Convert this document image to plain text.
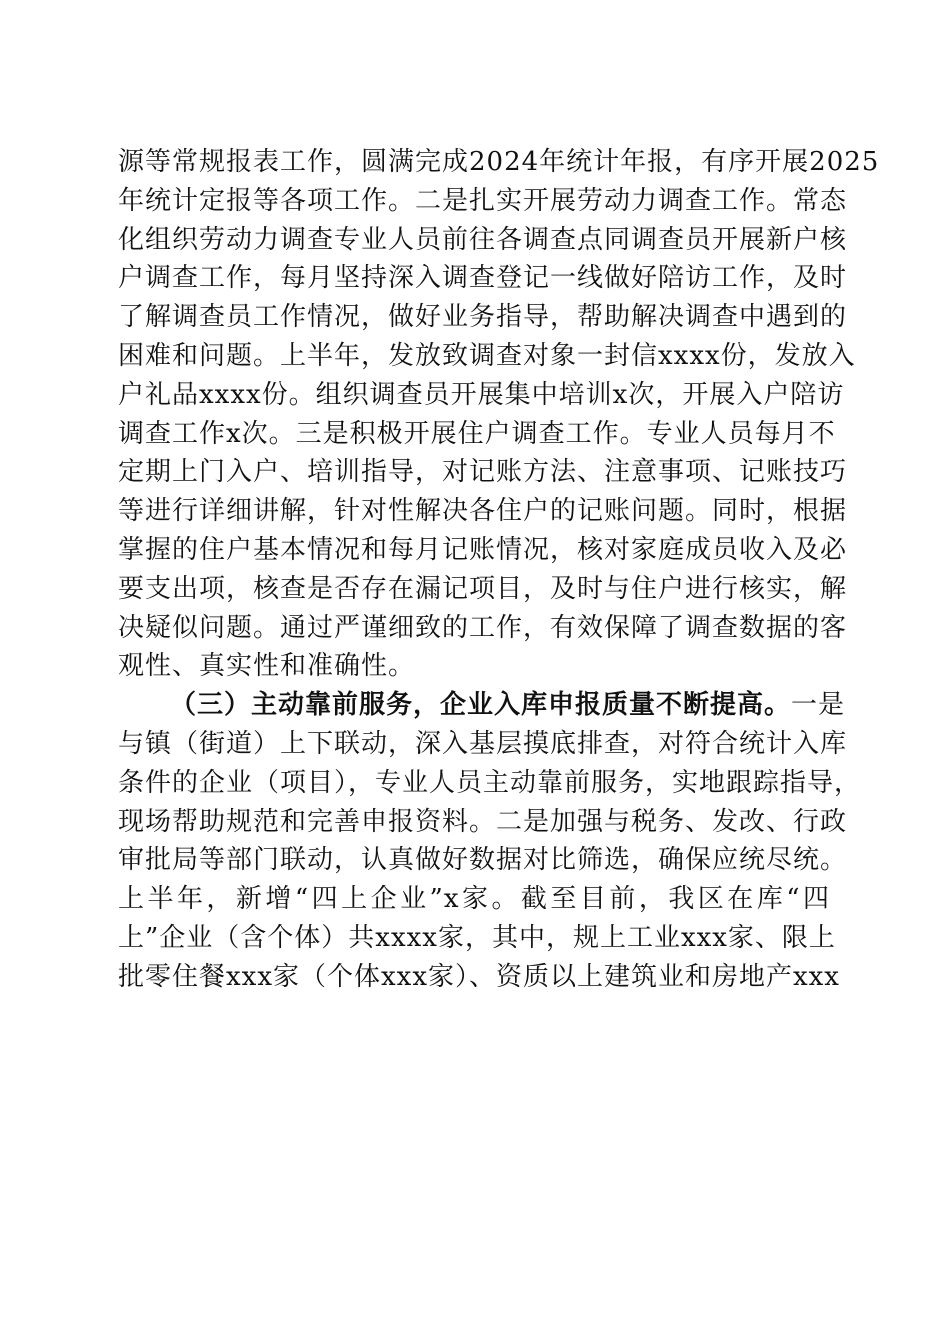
源等常规报表工作，圆满完成2024年统计年报，有序开展2025
年统计定报等各项工作。二是扎实开展劳动力调查工作。常态
化组织劳动力调查专业人员前往各调查点同调查员开展新户核
户调查工作，每月坚持深入调查登记一线做好陪访工作，及时
了解调查员工作情况，做好业务指导，帮助解决调查中遇到的
困难和问题。上半年，发放致调查对象一封信xxxx份，发放入
户礼品xxxx份。组织调查员开展集中培训x次，开展入户陪访
调查工作x次。三是积极开展住户调查工作。专业人员每月不
定期上门入户、培训指导，对记账方法、注意事项、记账技巧
等进行详细讲解，针对性解决各住户的记账问题。同时，根据
掌握的住户基本情况和每月记账情况，核对家庭成员收入及必
要支出项，核查是否存在漏记项目，及时与住户进行核实，解
决疑似问题。通过严谨细致的工作，有效保障了调查数据的客
观性、真实性和准确性。
（三）主动靠前服务，企业入库申报质量不断提高。一是
与镇（街道）上下联动，深入基层摸底排查，对符合统计入库
条件的企业（项目），专业人员主动靠前服务，实地跟踪指导，
现场帮助规范和完善申报资料。二是加强与税务、发改、行政
审批局等部门联动，认真做好数据对比筛选，确保应统尽统。
上半年，新增“四上企业”x家。截至目前，我区在库“四
上”企业（含个体）共xxxx家，其中，规上工业xxx家、限上
批零住餐xxx家（个体xxx家）、资质以上建筑业和房地产xxx
